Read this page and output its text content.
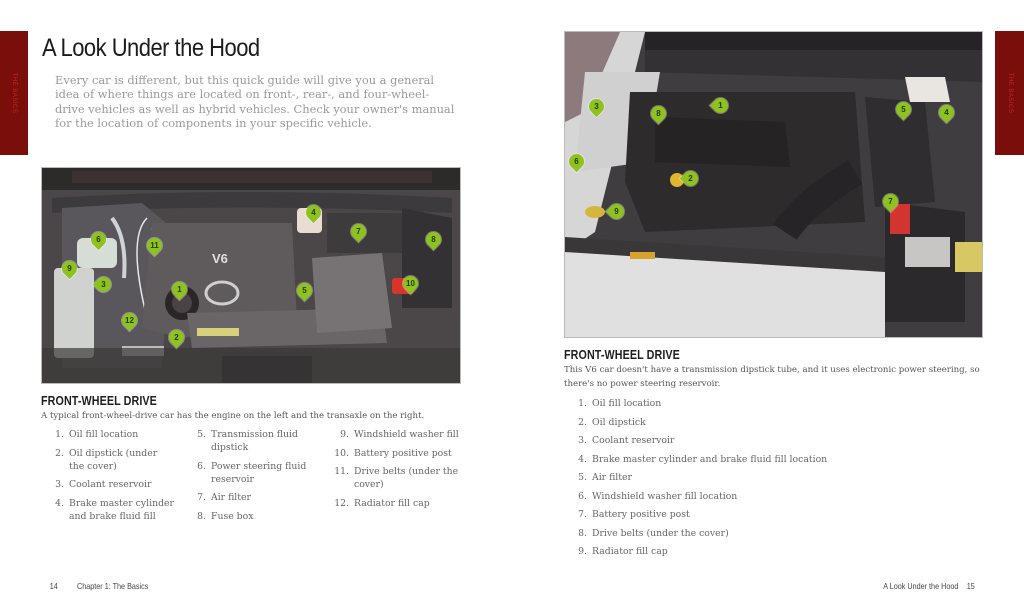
THE BASICS
A Look Under the Hood

Every car is different, but this quick guide will give you a general idea of where things are located on front-, rear-, and four-wheel-drive vehicles as well as hybrid vehicles. Check your owner's manual for the location of components in your specific vehicle.

V6
1
2
3
4
5
6
7
8
9
10
11
12
FRONT-WHEEL DRIVE

A typical front-wheel-drive car has the engine on the left and the transaxle on the right.

1. Oil fill location
2. Oil dipstick (under the cover)
3. Coolant reservoir
4. Brake master cylinder and brake fluid fill
5. Transmission fluid dipstick
6. Power steering fluid reservoir
7. Air filter
8. Fuse box
9. Windshield washer fill
10. Battery positive post
11. Drive belts (under the cover)
12. Radiator fill cap
14 Chapter 1: The Basics
THE BASICS
1
2
3
4
5
6
7
8
9
FRONT-WHEEL DRIVE

This V6 car doesn't have a transmission dipstick tube, and it uses electronic power steering, so there's no power steering reservoir.

1. Oil fill location
2. Oil dipstick
3. Coolant reservoir
4. Brake master cylinder and brake fluid fill location
5. Air filter
6. Windshield washer fill location
7. Battery positive post
8. Drive belts (under the cover)
9. Radiator fill cap
A Look Under the Hood 15
